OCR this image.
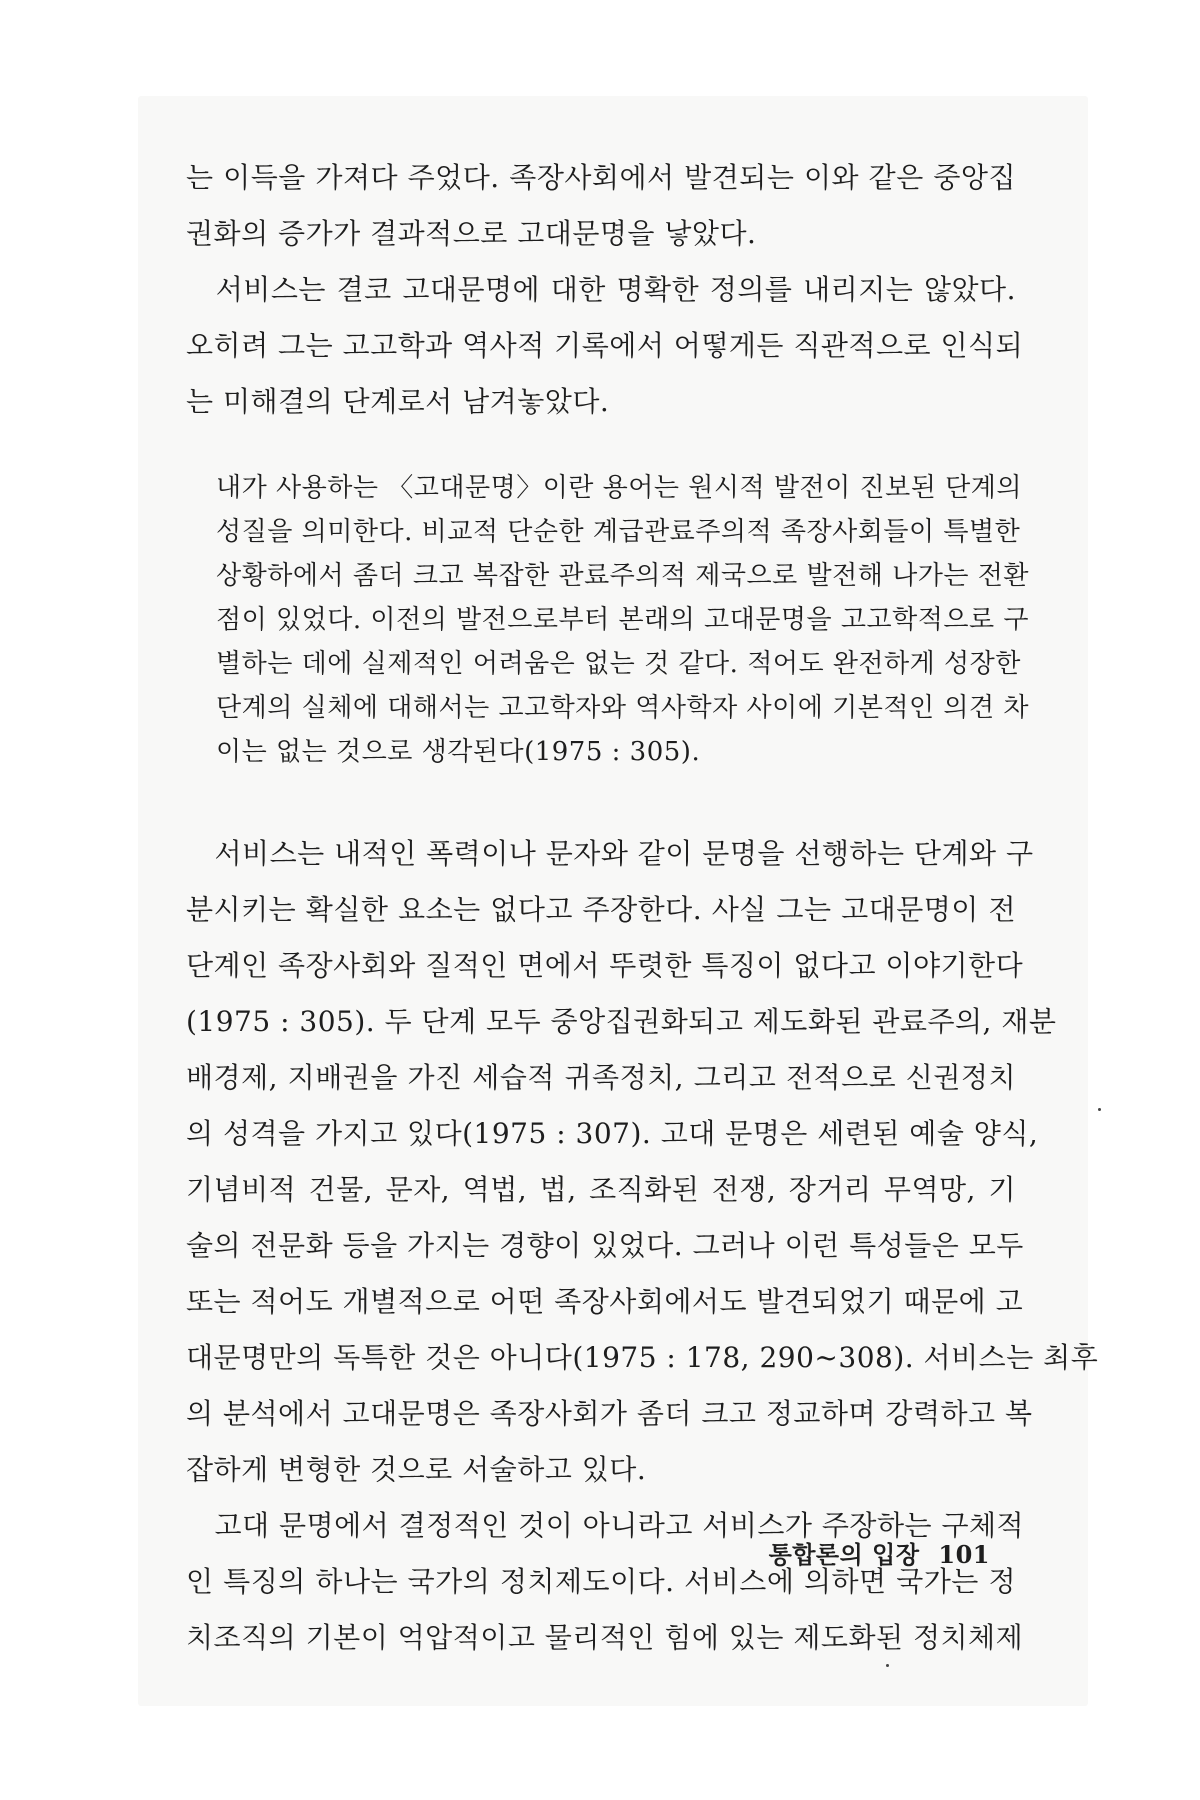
는 이득을 가져다 주었다. 족장사회에서 발견되는 이와 같은 중앙집
권화의 증가가 결과적으로 고대문명을 낳았다.
　서비스는 결코 고대문명에 대한 명확한 정의를 내리지는 않았다.
오히려 그는 고고학과 역사적 기록에서 어떻게든 직관적으로 인식되
는 미해결의 단계로서 남겨놓았다.
내가 사용하는 〈고대문명〉이란 용어는 원시적 발전이 진보된 단계의
성질을 의미한다. 비교적 단순한 계급관료주의적 족장사회들이 특별한
상황하에서 좀더 크고 복잡한 관료주의적 제국으로 발전해 나가는 전환
점이 있었다. 이전의 발전으로부터 본래의 고대문명을 고고학적으로 구
별하는 데에 실제적인 어려움은 없는 것 같다. 적어도 완전하게 성장한
단계의 실체에 대해서는 고고학자와 역사학자 사이에 기본적인 의견 차
이는 없는 것으로 생각된다(1975 : 305).
　서비스는 내적인 폭력이나 문자와 같이 문명을 선행하는 단계와 구
분시키는 확실한 요소는 없다고 주장한다. 사실 그는 고대문명이 전
단계인 족장사회와 질적인 면에서 뚜렷한 특징이 없다고 이야기한다
(1975 : 305). 두 단계 모두 중앙집권화되고 제도화된 관료주의, 재분
배경제, 지배권을 가진 세습적 귀족정치, 그리고 전적으로 신권정치
의 성격을 가지고 있다(1975 : 307). 고대 문명은 세련된 예술 양식,
기념비적 건물, 문자, 역법, 법, 조직화된 전쟁, 장거리 무역망, 기
술의 전문화 등을 가지는 경향이 있었다. 그러나 이런 특성들은 모두
또는 적어도 개별적으로 어떤 족장사회에서도 발견되었기 때문에 고
대문명만의 독특한 것은 아니다(1975 : 178, 290~308). 서비스는 최후
의 분석에서 고대문명은 족장사회가 좀더 크고 정교하며 강력하고 복
잡하게 변형한 것으로 서술하고 있다.
　고대 문명에서 결정적인 것이 아니라고 서비스가 주장하는 구체적
인 특징의 하나는 국가의 정치제도이다. 서비스에 의하면 국가는 정
치조직의 기본이 억압적이고 물리적인 힘에 있는 제도화된 정치체제
통합론의 입장 101
